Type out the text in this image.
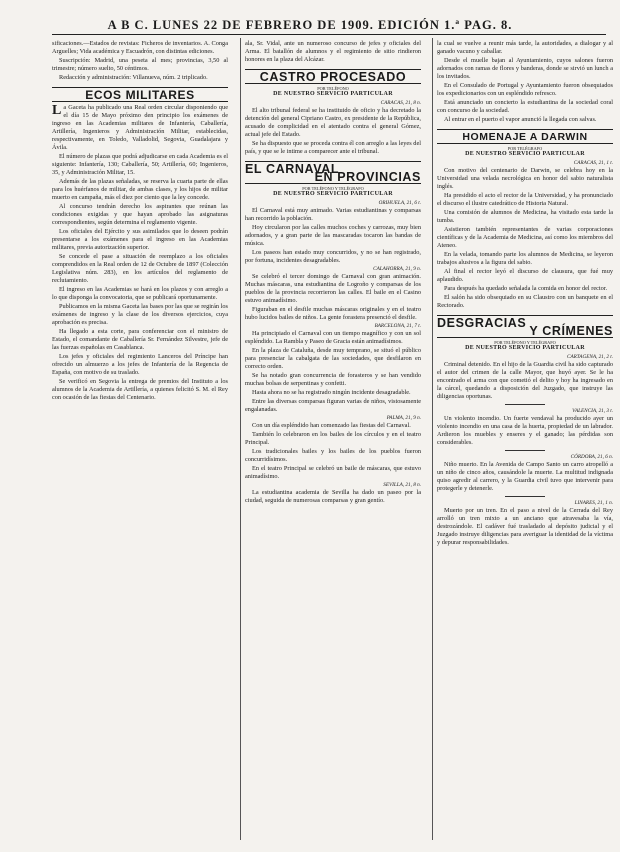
A B C. LUNES 22 DE FEBRERO DE 1909. EDICIÓN 1.ª PAG. 8.

sificaciones.—Estados de revistas: Ficheros de inventarios. A. Conga Arguelles; Vida académica y Escuadrón, con distintas ediciones.

Suscripción: Madrid, una peseta al mes; provincias, 3,50 al trimestre; número suelto, 50 céntimos.

Redacción y administración: Villanueva, núm. 2 triplicado.

ECOS MILITARES

La Gaceta ha publicado una Real orden circular disponiendo que el día 15 de Mayo próximo den principio los exámenes de ingreso en las Academias militares de Infantería, Caballería, Artillería, Ingenieros y Administración Militar, establecidas, respectivamente, en Toledo, Valladolid, Segovia, Guadalajara y Ávila.

El número de plazas que podrá adjudicarse en cada Academia es el siguiente: Infantería, 130; Caballería, 50; Artillería, 60; Ingenieros, 35, y Administración Militar, 15.

Además de las plazas señaladas, se reserva la cuarta parte de ellas para los huérfanos de militar, de ambas clases, y los hijos de militar muerto en campaña, más el diez por ciento que la ley concede.

Al concurso tendrán derecho los aspirantes que reúnan las condiciones exigidas y que hayan aprobado las asignaturas correspondientes, según determina el reglamento vigente.

Los oficiales del Ejército y sus asimilados que lo deseen podrán presentarse a los exámenes para el ingreso en las Academias militares, previa autorización superior.

Se concede el pase a situación de reemplazo a los oficiales comprendidos en la Real orden de 12 de Octubre de 1897 (Colección Legislativa núm. 283), en los artículos del reglamento de reclutamiento.

El ingreso en las Academias se hará en los plazos y con arreglo a lo que disponga la convocatoria, que se publicará oportunamente.

Publicamos en la misma Gaceta las bases por las que se regirán los exámenes de ingreso y la clase de los diversos ejercicios, cuya aprobación es precisa.

Ha llegado a esta corte, para conferenciar con el ministro de Estado, el comandante de Caballería Sr. Fernández Silvestre, jefe de las fuerzas españolas en Casablanca.

Los jefes y oficiales del regimiento Lanceros del Príncipe han ofrecido un almuerzo a los jefes de Infantería de la Regencia de España, con motivo de su traslado.

Se verificó en Segovia la entrega de premios del Instituto a los alumnos de la Academia de Artillería, a quienes felicitó S. M. el Rey con ocasión de las fiestas del Centenario.

ala, Sr. Vidal, ante un numeroso concurso de jefes y oficiales del Arma. El batallón de alumnos y el regimiento de sitio rindieron honores en la plaza del Alcázar.

CASTRO PROCESADO

POR TELÉFONO

DE NUESTRO SERVICIO PARTICULAR

CARACAS, 21, 8 n.

El alto tribunal federal se ha instituido de oficio y ha decretado la detención del general Cipriano Castro, ex presidente de la República, acusado de complicidad en el atentado contra el general Gómez, actual jefe del Estado.

Se ha dispuesto que se proceda contra él con arreglo a las leyes del país, y que se le intime a comparecer ante el tribunal.

EL CARNAVAL
EN PROVINCIAS

POR TELÉFONO Y TELÉGRAFO

DE NUESTRO SERVICIO PARTICULAR

ORIHUELA, 21, 6 t.

El Carnaval está muy animado. Varias estudiantinas y comparsas han recorrido la población.

Hoy circularon por las calles muchos coches y carrozas, muy bien adornados, y a gran parte de las mascaradas tocaron las bandas de música.

Los paseos han estado muy concurridos, y no se han registrado, por fortuna, incidentes desagradables.

CALAHORRA, 21, 9 n.

Se celebró el tercer domingo de Carnaval con gran animación. Muchas máscaras, una estudiantina de Logroño y comparsas de los pueblos de la provincia recorrieron las calles. El baile en el Casino estuvo animadísimo.

Figuraban en el desfile muchas máscaras originales y en el teatro hubo lucidos bailes de niños. La gente forastera presenció el desfile.

BARCELONA, 21, 7 t.

Ha principiado el Carnaval con un tiempo magnífico y con un sol espléndido. La Rambla y Paseo de Gracia están animadísimos.

En la plaza de Cataluña, desde muy temprano, se situó el público para presenciar la cabalgata de las sociedades, que desfilaron en correcto orden.

Se ha notado gran concurrencia de forasteros y se han vendido muchas bolsas de serpentinas y confetti.

Hasta ahora no se ha registrado ningún incidente desagradable.

Entre las diversas comparsas figuran varias de niños, vistosamente engalanadas.

PALMA, 21, 9 n.

Con un día espléndido han comenzado las fiestas del Carnaval.

También lo celebraron en los bailes de los círculos y en el teatro Principal.

Los tradicionales bailes y los bailes de los pueblos fueron concurridísimos.

En el teatro Principal se celebró un baile de máscaras, que estuvo animadísimo.

SEVILLA, 21, 8 n.

La estudiantina academia de Sevilla ha dado un paseo por la ciudad, seguida de numerosas comparsas y gran gentío.

la cual se vuelve a reunir más tarde, la autoridades, a dialogar y al ganado vacuno y caballar.

Desde el muelle bajan al Ayuntamiento, cuyos salones fueron adornados con ramas de flores y banderas, donde se sirvió un lunch a los invitados.

En el Consulado de Portugal y Ayuntamiento fueron obsequiados los expedicionarios con un espléndido refresco.

Está anunciado un concierto la estudiantina de la sociedad coral con concurso de la sociedad.

Al entrar en el puerto el vapor anunció la llegada con salvas.

HOMENAJE A DARWIN

POR TELÉGRAFO

DE NUESTRO SERVICIO PARTICULAR

CARACAS, 21, 1 t.

Con motivo del centenario de Darwin, se celebra hoy en la Universidad una velada necrológica en honor del sabio naturalista inglés.

Ha presidido el acto el rector de la Universidad, y ha pronunciado el discurso el ilustre catedrático de Historia Natural.

Una comisión de alumnos de Medicina, ha visitado esta tarde la tumba.

Asistieron también representantes de varias corporaciones científicas y de la Academia de Medicina, así como los miembros del Ateneo.

En la velada, tomando parte los alumnos de Medicina, se leyeron trabajos alusivos a la figura del sabio.

Al final el rector leyó el discurso de clausura, que fué muy aplaudido.

Para después ha quedado señalada la comida en honor del rector.

El salón ha sido obsequiado en su Claustro con un banquete en el Rectorado.

DESGRACIAS
Y CRÍMENES

POR TELÉFONO Y TELÉGRAFO

DE NUESTRO SERVICIO PARTICULAR

CARTAGENA, 21, 2 t.

Criminal detenido. En el hijo de la Guardia civil ha sido capturado el autor del crimen de la calle Mayor, que huyó ayer. Se le ha encontrado el arma con que cometió el delito y hoy ha ingresado en la cárcel, quedando a disposición del Juzgado, que instruye las diligencias oportunas.

VALENCIA, 21, 3 t.

Un violento incendio. Un fuerte vendaval ha producido ayer un violento incendio en una casa de la huerta, propiedad de un labrador. Ardieron los muebles y enseres y el ganado; las pérdidas son considerables.

CÓRDOBA, 21, 6 n.

Niño muerto. En la Avenida de Campo Santo un carro atropelló a un niño de cinco años, causándole la muerte. La multitud indignada quiso agredir al carrero, y la Guardia civil tuvo que intervenir para protegerle y detenerle.

LINARES, 21, 1 n.

Muerto por un tren. En el paso a nivel de la Cerrada del Rey arrolló un tren mixto a un anciano que atravesaba la vía, destrozándole. El cadáver fué trasladado al depósito judicial y el Juzgado instruye diligencias para averiguar la identidad de la víctima y depurar responsabilidades.
